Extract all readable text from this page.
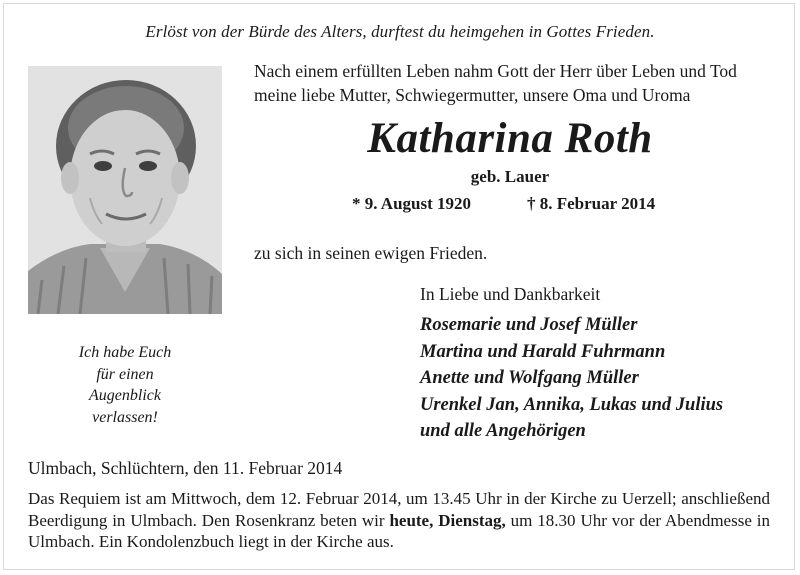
Erlöst von der Bürde des Alters, durftest du heimgehen in Gottes Frieden.
Nach einem erfüllten Leben nahm Gott der Herr über Leben und Tod meine liebe Mutter, Schwiegermutter, unsere Oma und Uroma
Katharina Roth
geb. Lauer
* 9. August 1920	† 8. Februar 2014
zu sich in seinen ewigen Frieden.
In Liebe und Dankbarkeit
Rosemarie und Josef Müller
Martina und Harald Fuhrmann
Anette und Wolfgang Müller
Urenkel Jan, Annika, Lukas und Julius
und alle Angehörigen
Ich habe Euch
für einen
Augenblick
verlassen!
Ulmbach, Schlüchtern, den 11. Februar 2014
Das Requiem ist am Mittwoch, dem 12. Februar 2014, um 13.45 Uhr in der Kirche zu Uerzell; anschließend Beerdigung in Ulmbach. Den Rosenkranz beten wir heute, Dienstag, um 18.30 Uhr vor der Abendmesse in Ulmbach. Ein Kondolenzbuch liegt in der Kirche aus.
